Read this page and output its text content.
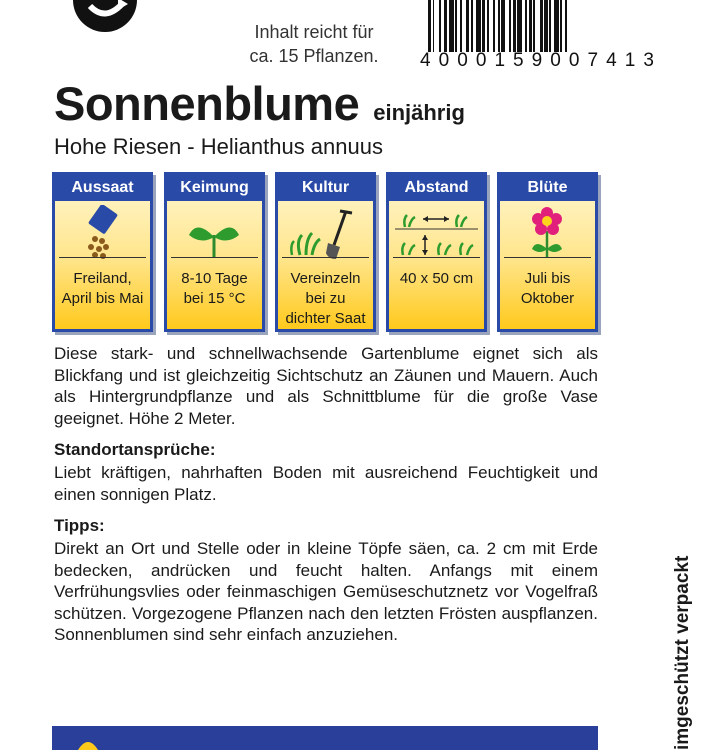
Inhalt reicht für
ca. 15 Pflanzen.	4 0 0 0 1 5 9 0 0 7 4 1 3
Sonnenblume einjährig
Hohe Riesen - Helianthus annuus
Aussaat
Freiland,
April bis Mai
Keimung
8-10 Tage
bei 15 °C
Kultur
Vereinzeln
bei zu
dichter Saat
Abstand
40 x 50 cm
Blüte
Juli bis
Oktober
Diese stark- und schnellwachsende Gartenblume eignet sich als Blickfang und ist gleichzeitig Sichtschutz an Zäunen und Mauern. Auch als Hintergrundpflanze und als Schnittblume für die große Vase geeignet. Höhe 2 Meter.
Standortansprüche:
Liebt kräftigen, nahrhaften Boden mit ausreichend Feuchtigkeit und einen sonnigen Platz.
Tipps:
Direkt an Ort und Stelle oder in kleine Töpfe säen, ca. 2 cm mit Erde bedecken, andrücken und feucht halten. Anfangs mit einem Verfrühungsvlies oder feinmaschigen Gemüseschutznetz vor Vogelfraß schützen. Vorgezogene Pflanzen nach den letzten Frösten auspflanzen. Sonnenblumen sind sehr einfach anzuziehen.	imgeschützt verpackt
